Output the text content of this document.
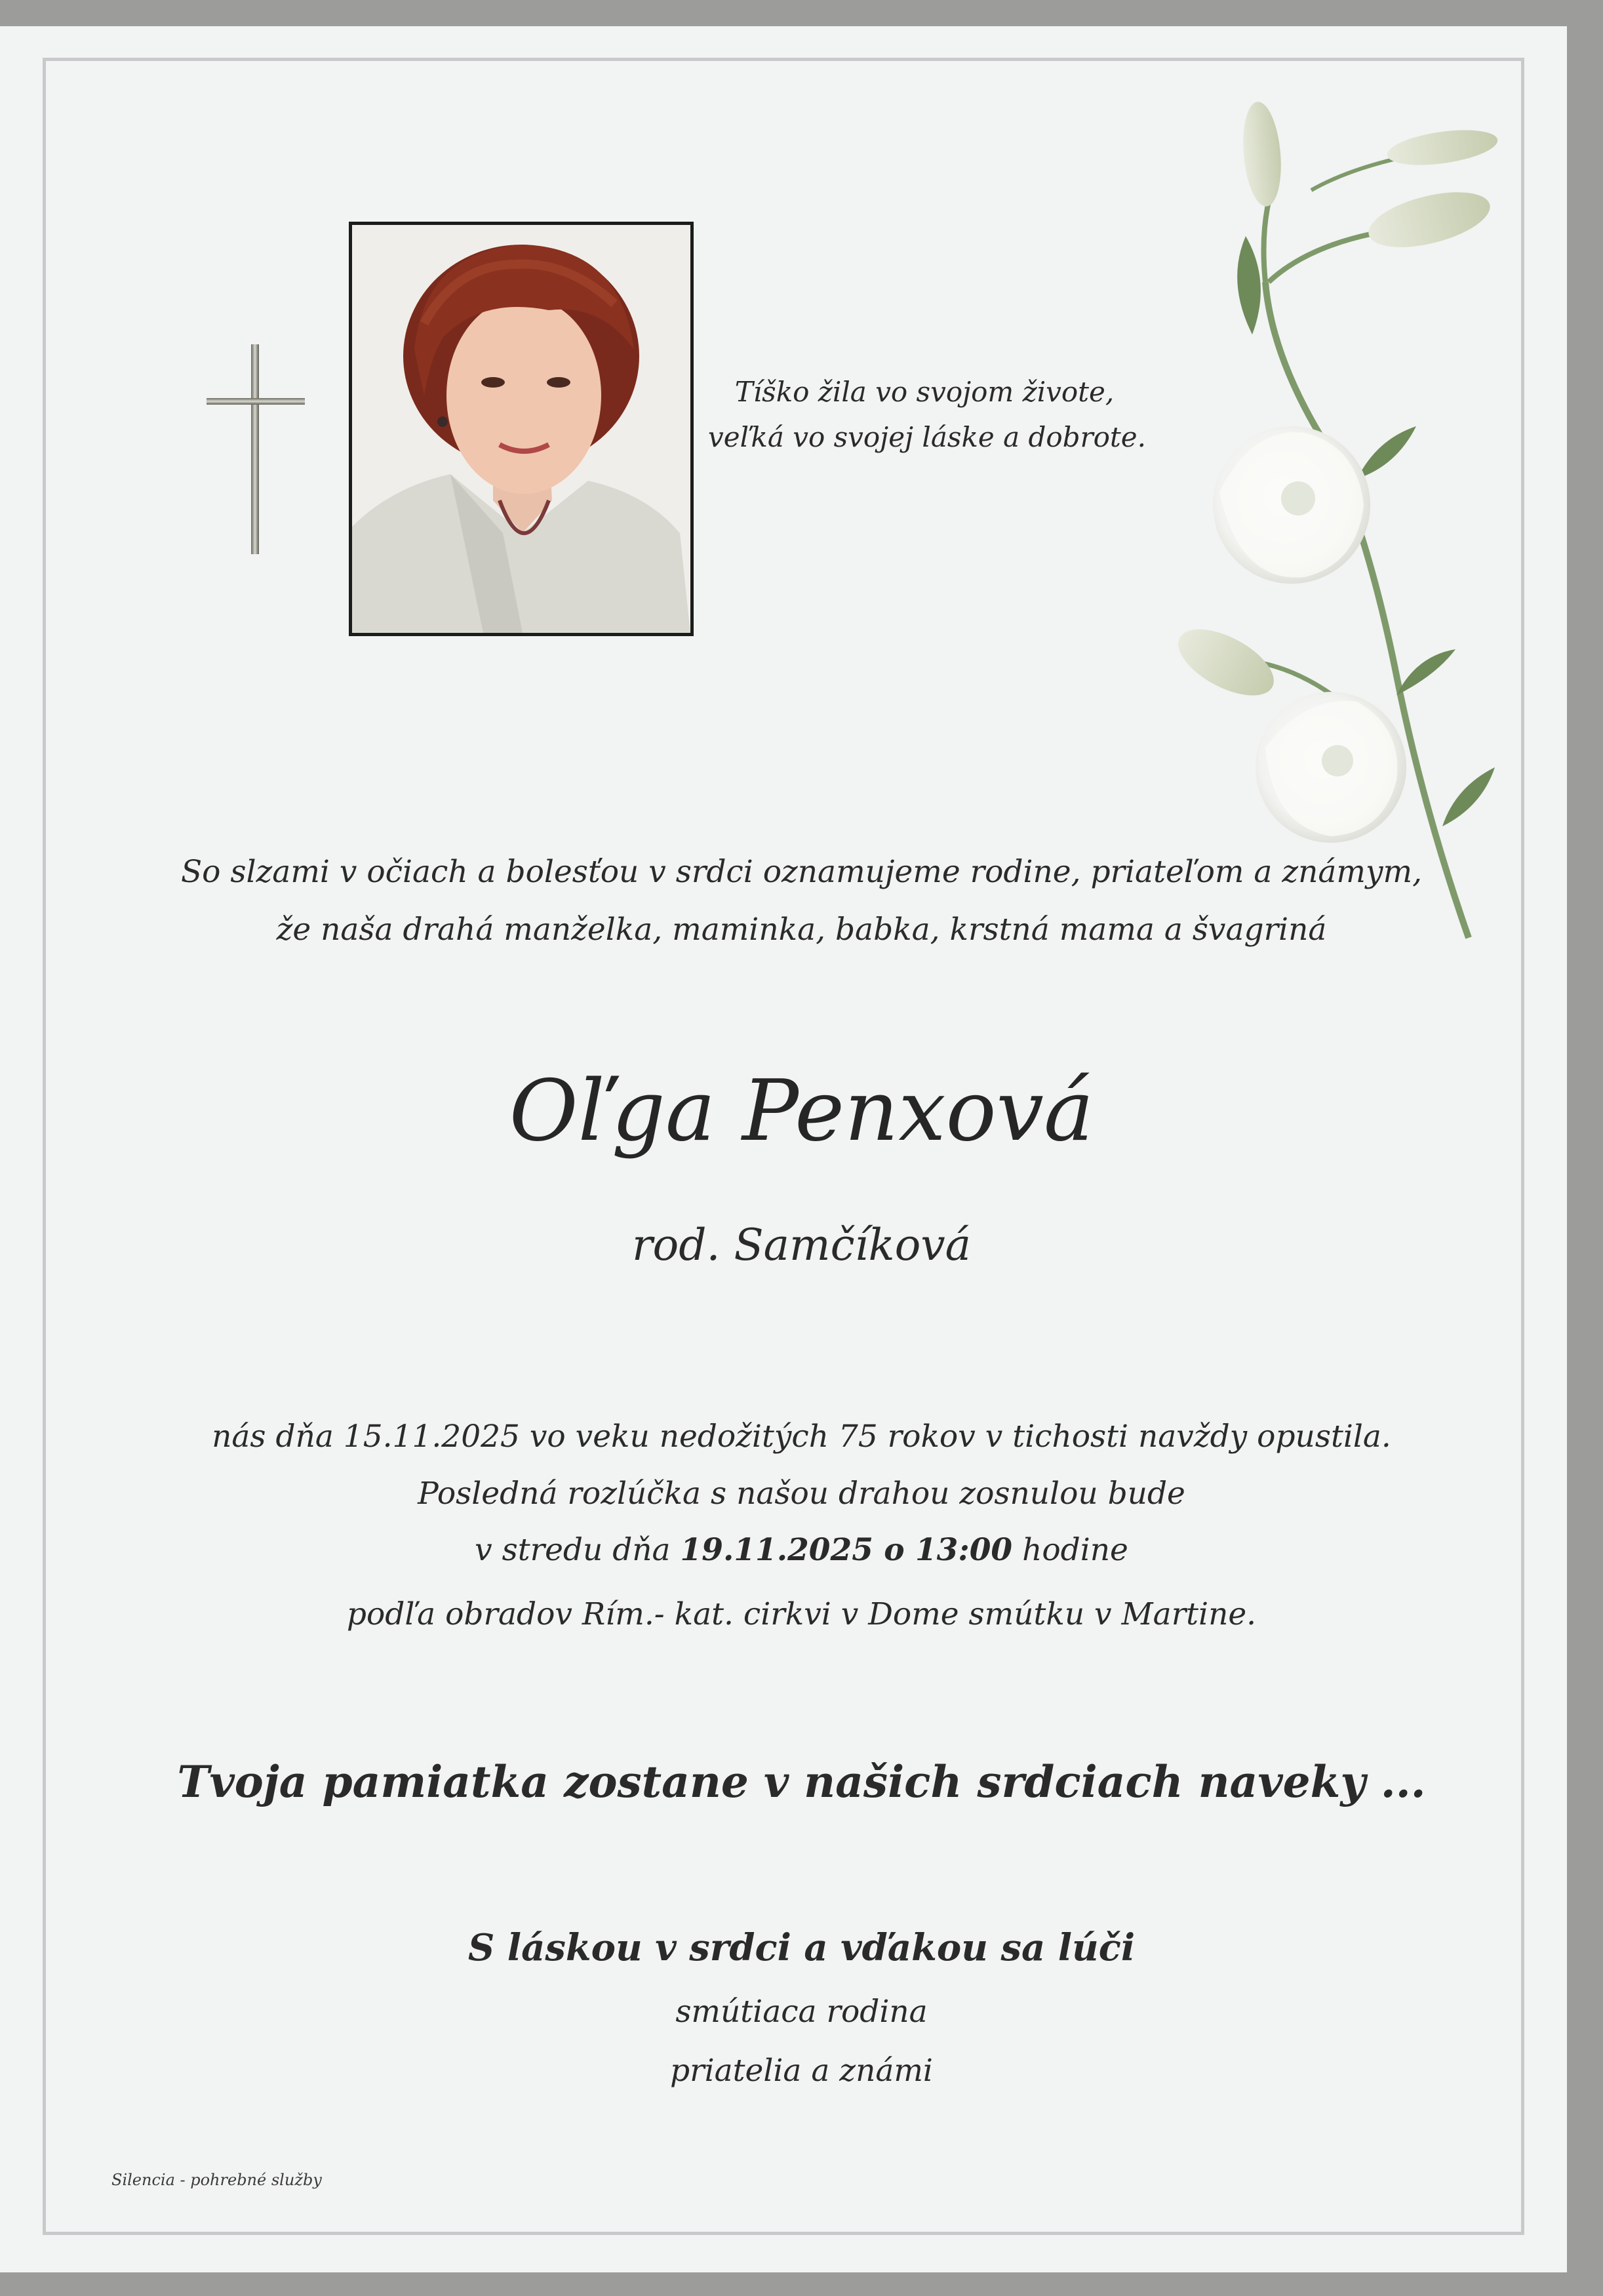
Tíško žila vo svojom živote,

veľká vo svojej láske a dobrote.

So slzami v očiach a bolesťou v srdci oznamujeme rodine, priateľom a známym,

že naša drahá manželka, maminka, babka, krstná mama a švagriná

Oľga Penxová

rod. Samčíková

nás dňa 15.11.2025 vo veku nedožitých 75 rokov v tichosti navždy opustila.

Posledná rozlúčka s našou drahou zosnulou bude

v stredu dňa 19.11.2025 o 13:00 hodine

podľa obradov Rím.- kat. cirkvi v Dome smútku v Martine.

Tvoja pamiatka zostane v našich srdciach naveky ...

S láskou v srdci a vďakou sa lúči

smútiaca rodina

priatelia a známi

Silencia - pohrebné služby
